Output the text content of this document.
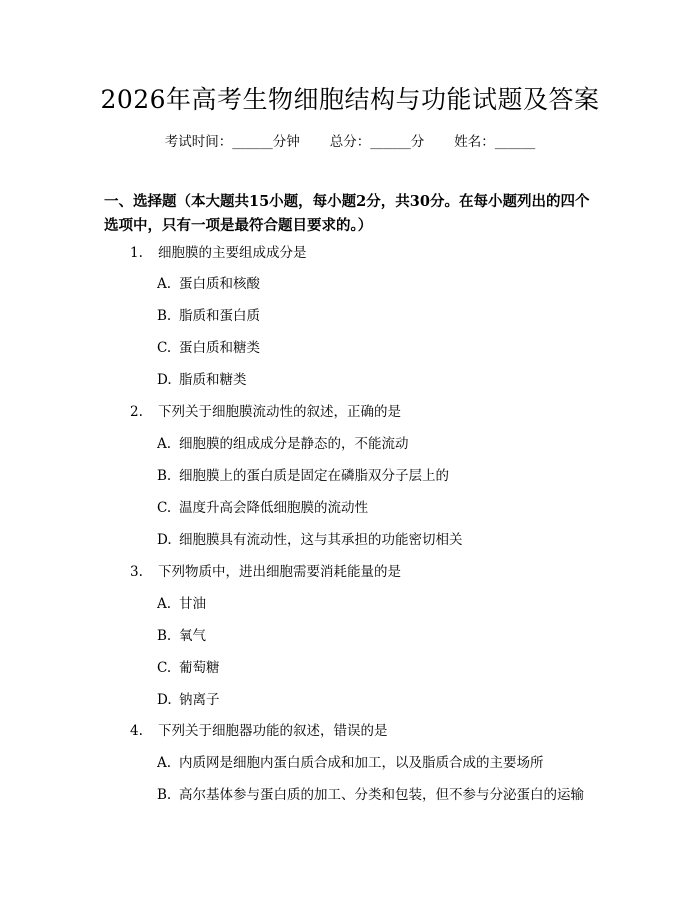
2026年高考生物细胞结构与功能试题及答案
考试时间：______分钟 总分：______分 姓名：______
一、选择题（本大题共15小题，每小题2分，共30分。在每小题列出的四个选项中，只有一项是最符合题目要求的。）
1. 细胞膜的主要组成成分是
A. 蛋白质和核酸
B. 脂质和蛋白质
C. 蛋白质和糖类
D. 脂质和糖类
2. 下列关于细胞膜流动性的叙述，正确的是
A. 细胞膜的组成成分是静态的，不能流动
B. 细胞膜上的蛋白质是固定在磷脂双分子层上的
C. 温度升高会降低细胞膜的流动性
D. 细胞膜具有流动性，这与其承担的功能密切相关
3. 下列物质中，进出细胞需要消耗能量的是
A. 甘油
B. 氧气
C. 葡萄糖
D. 钠离子
4. 下列关于细胞器功能的叙述，错误的是
A. 内质网是细胞内蛋白质合成和加工，以及脂质合成的主要场所
B. 高尔基体参与蛋白质的加工、分类和包装，但不参与分泌蛋白的运输
